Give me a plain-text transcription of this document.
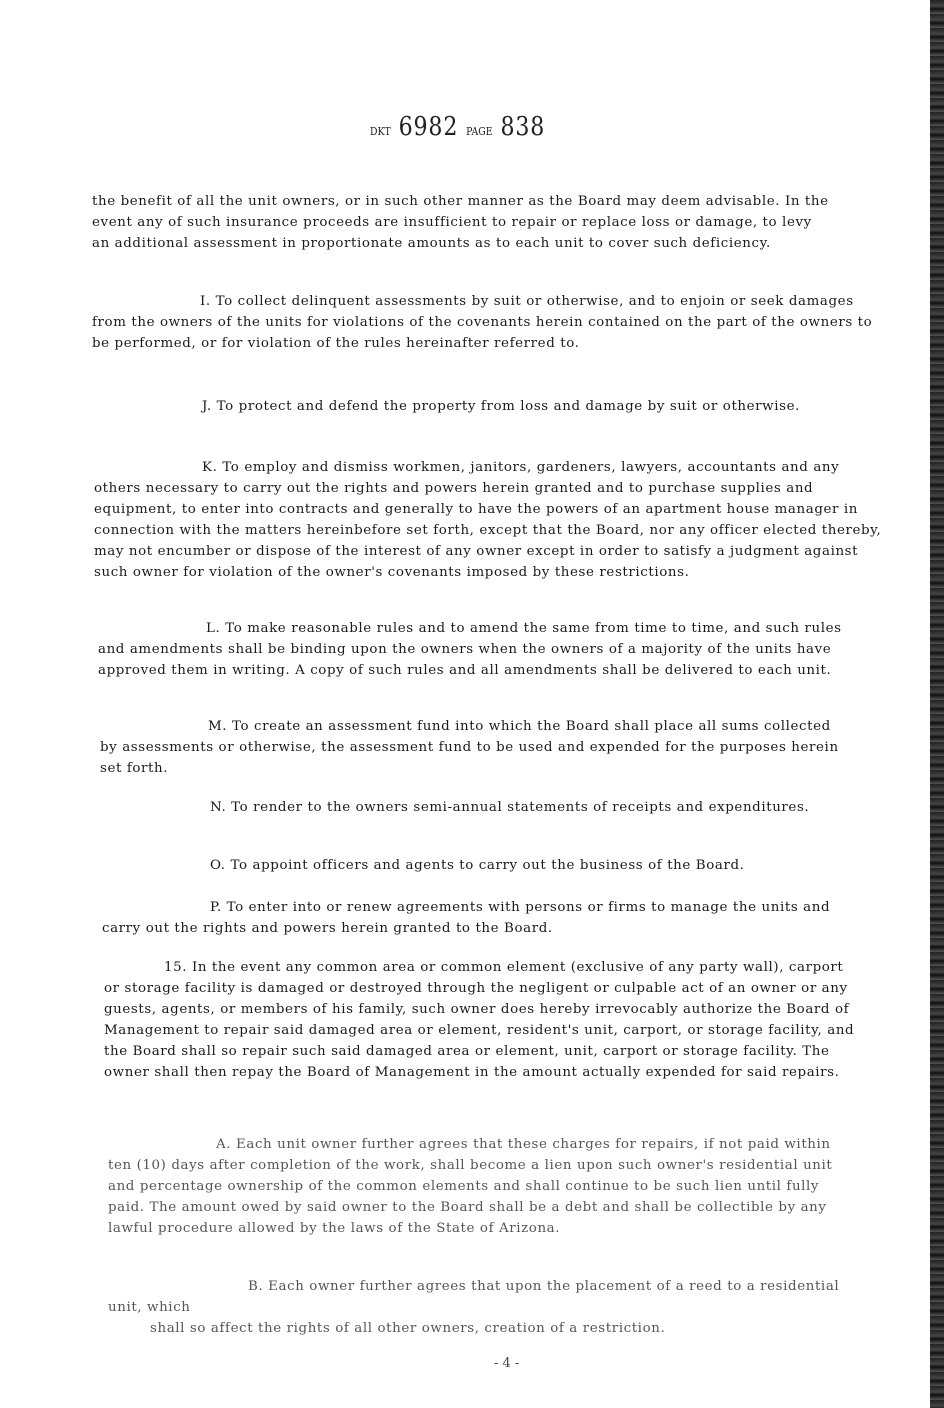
DKT 6982 PAGE 838
the benefit of all the unit owners, or in such other manner as the Board may deem advisable. In the event any of such insurance proceeds are insufficient to repair or replace loss or damage, to levy an additional assessment in proportionate amounts as to each unit to cover such deficiency.
I. To collect delinquent assessments by suit or otherwise, and to enjoin or seek damages from the owners of the units for violations of the covenants herein contained on the part of the owners to be performed, or for violation of the rules hereinafter referred to.
J. To protect and defend the property from loss and damage by suit or otherwise.
K. To employ and dismiss workmen, janitors, gardeners, lawyers, accountants and any others necessary to carry out the rights and powers herein granted and to purchase supplies and equipment, to enter into contracts and generally to have the powers of an apartment house manager in connection with the matters hereinbefore set forth, except that the Board, nor any officer elected thereby, may not encumber or dispose of the interest of any owner except in order to satisfy a judgment against such owner for violation of the owner's covenants imposed by these restrictions.
L. To make reasonable rules and to amend the same from time to time, and such rules and amendments shall be binding upon the owners when the owners of a majority of the units have approved them in writing. A copy of such rules and all amendments shall be delivered to each unit.
M. To create an assessment fund into which the Board shall place all sums collected by assessments or otherwise, the assessment fund to be used and expended for the purposes herein set forth.
N. To render to the owners semi-annual statements of receipts and expenditures.
O. To appoint officers and agents to carry out the business of the Board.
P. To enter into or renew agreements with persons or firms to manage the units and carry out the rights and powers herein granted to the Board.
15. In the event any common area or common element (exclusive of any party wall), carport or storage facility is damaged or destroyed through the negligent or culpable act of an owner or any guests, agents, or members of his family, such owner does hereby irrevocably authorize the Board of Management to repair said damaged area or element, resident's unit, carport, or storage facility, and the Board shall so repair such said damaged area or element, unit, carport or storage facility. The owner shall then repay the Board of Management in the amount actually expended for said repairs.
A. Each unit owner further agrees that these charges for repairs, if not paid within ten (10) days after completion of the work, shall become a lien upon such owner's residential unit and percentage ownership of the common elements and shall continue to be such lien until fully paid. The amount owed by said owner to the Board shall be a debt and shall be collectible by any lawful procedure allowed by the laws of the State of Arizona.
B. Each owner further agrees that upon the placement of a reed to a residential unit, which
shall so affect the rights of all other owners, creation of a restriction.
- 4 -
